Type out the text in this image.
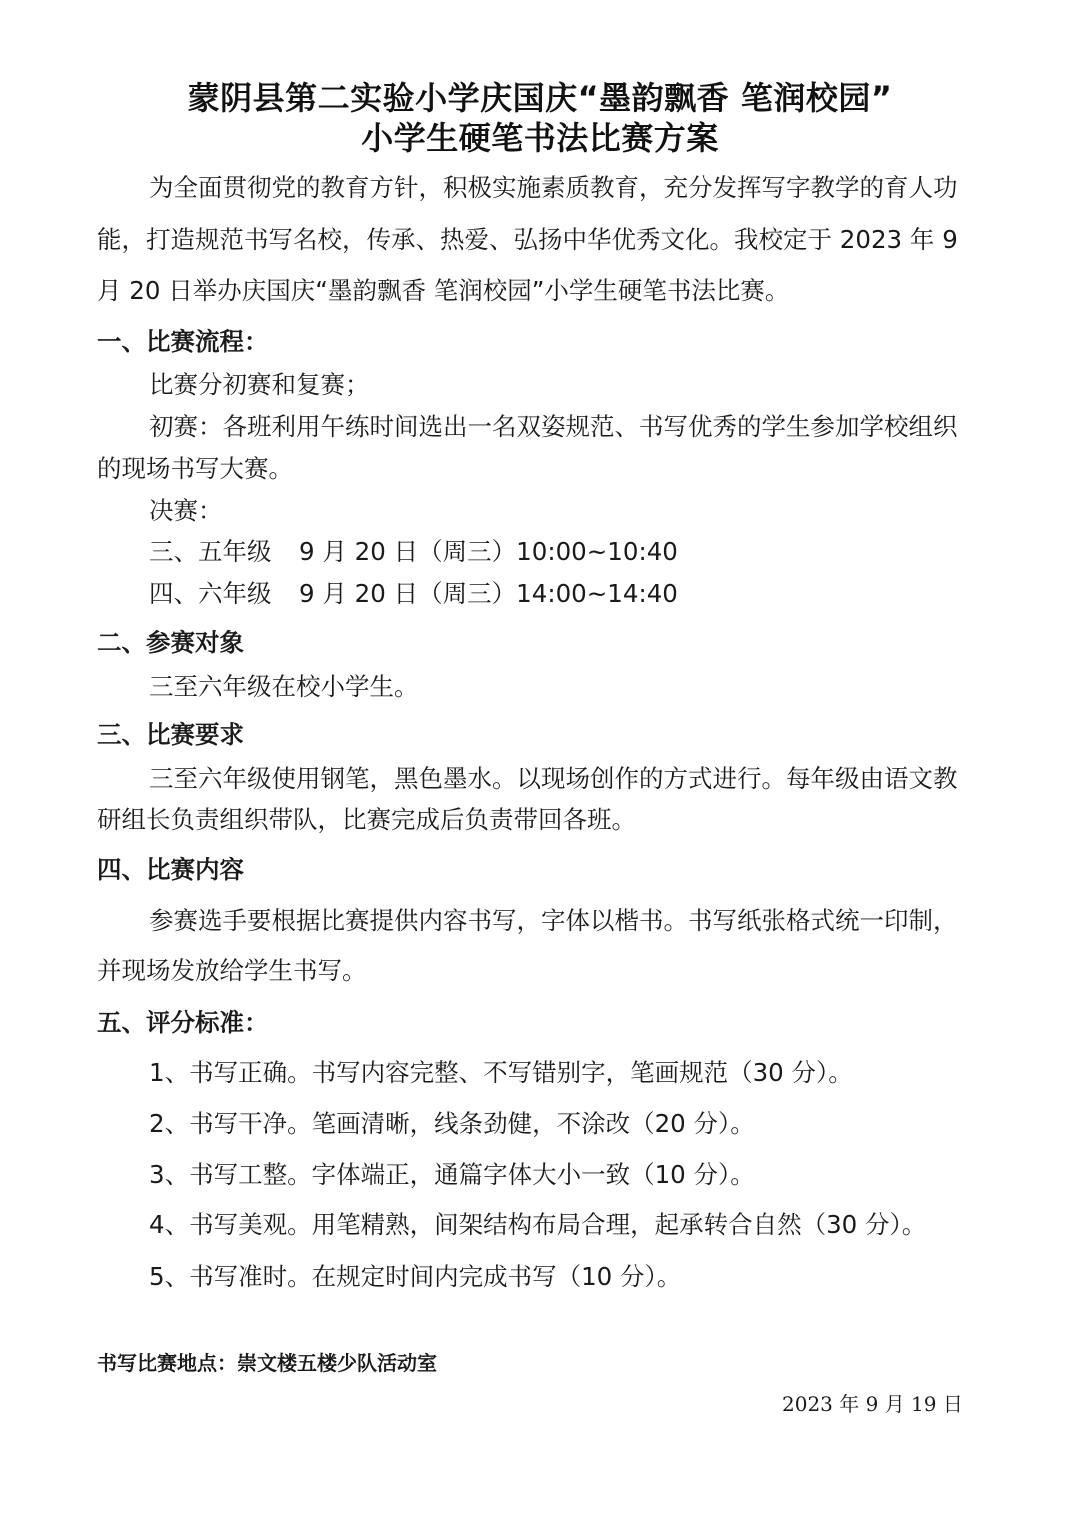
蒙阴县第二实验小学庆国庆“墨韵飘香 笔润校园”
小学生硬笔书法比赛方案
为全面贯彻党的教育方针，积极实施素质教育，充分发挥写字教学的育人功
能，打造规范书写名校，传承、热爱、弘扬中华优秀文化。我校定于 2023 年 9
月 20 日举办庆国庆“墨韵飘香 笔润校园”小学生硬笔书法比赛。
一、比赛流程：
比赛分初赛和复赛；
初赛：各班利用午练时间选出一名双姿规范、书写优秀的学生参加学校组织
的现场书写大赛。
决赛：
三、五年级 9 月 20 日（周三）10:00~10:40
四、六年级 9 月 20 日（周三）14:00~14:40
二、参赛对象
三至六年级在校小学生。
三、比赛要求
三至六年级使用钢笔，黑色墨水。以现场创作的方式进行。每年级由语文教
研组长负责组织带队，比赛完成后负责带回各班。
四、比赛内容
参赛选手要根据比赛提供内容书写，字体以楷书。书写纸张格式统一印制，
并现场发放给学生书写。
五、评分标准：
1、书写正确。书写内容完整、不写错别字，笔画规范（30 分）。
2、书写干净。笔画清晰，线条劲健，不涂改（20 分）。
3、书写工整。字体端正，通篇字体大小一致（10 分）。
4、书写美观。用笔精熟，间架结构布局合理，起承转合自然（30 分）。
5、书写准时。在规定时间内完成书写（10 分）。
书写比赛地点：崇文楼五楼少队活动室
2023 年 9 月 19 日
